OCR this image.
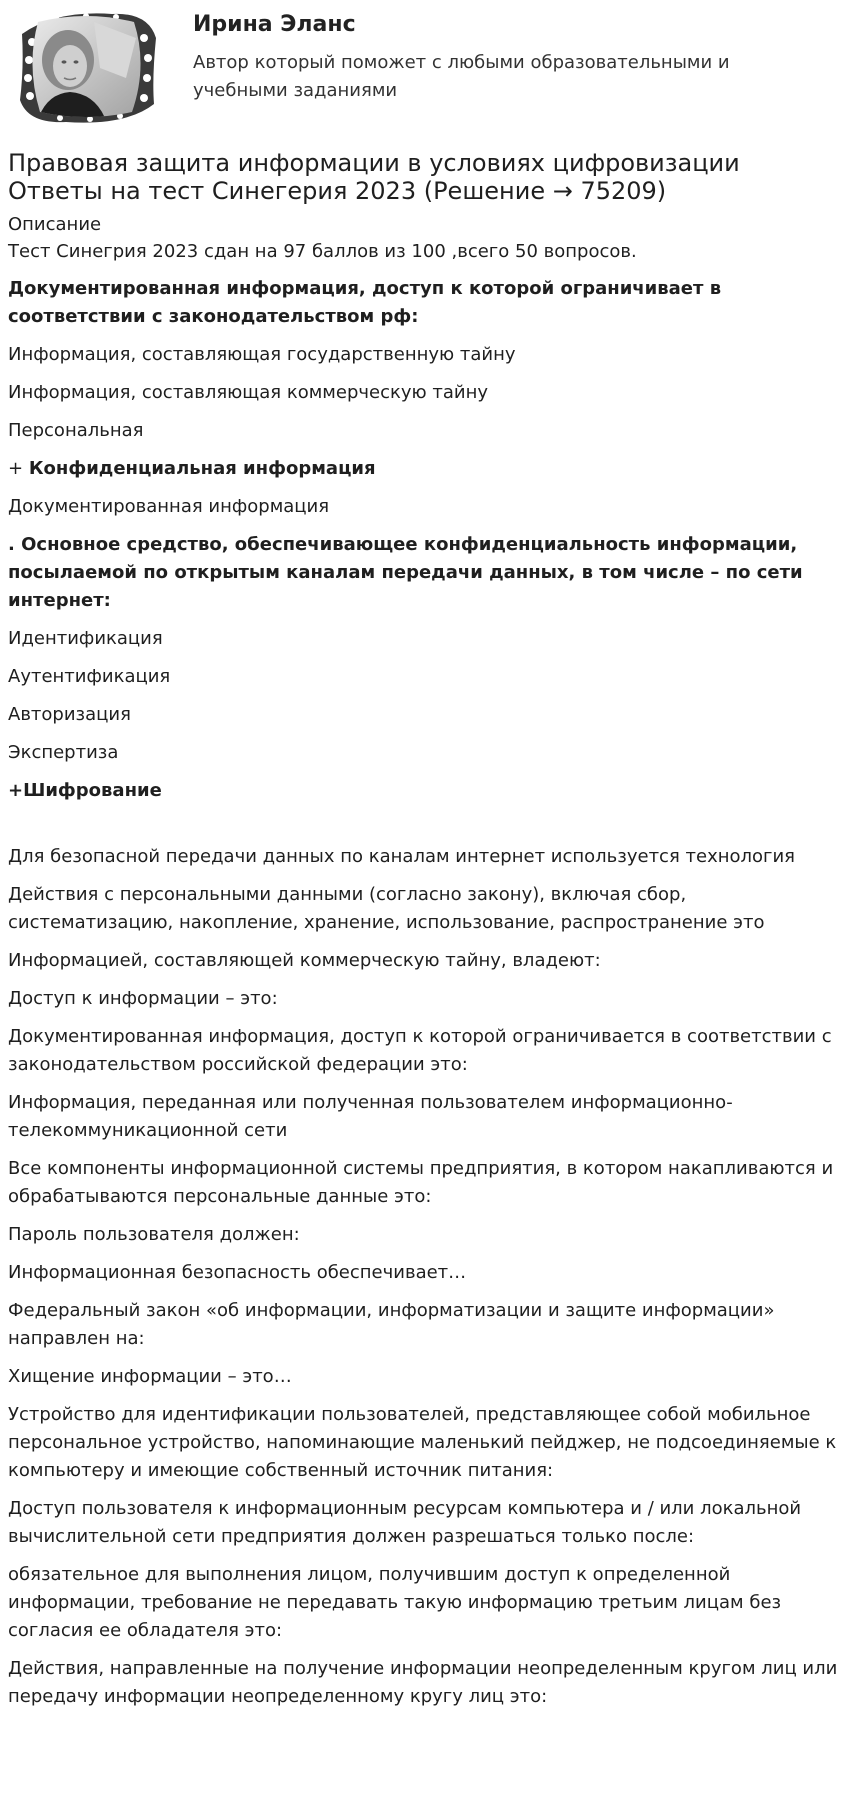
Ирина Эланс
Автор который поможет с любыми образовательными и учебными заданиями
Правовая защита информации в условиях цифровизации
Ответы на тест Синегерия 2023 (Решение → 75209)
Описание
Тест Синегрия 2023 сдан на 97 баллов из 100 ,всего 50 вопросов.

Документированная информация, доступ к которой ограничивает в соответствии с законодательством рф:

Информация, составляющая государственную тайну

Информация, составляющая коммерческую тайну

Персональная

+ Конфиденциальная информация

Документированная информация

. Основное средство, обеспечивающее конфиденциальность информации, посылаемой по открытым каналам передачи данных, в том числе – по сети интернет:

Идентификация

Аутентификация

Авторизация

Экспертиза

+Шифрование

Для безопасной передачи данных по каналам интернет используется технология

Действия с персональными данными (согласно закону), включая сбор, систематизацию, накопление, хранение, использование, распространение это

Информацией, составляющей коммерческую тайну, владеют:

Доступ к информации – это:

Документированная информация, доступ к которой ограничивается в соответствии с законодательством российской федерации это:

Информация, переданная или полученная пользователем информационно-телекоммуникационной сети

Все компоненты информационной системы предприятия, в котором накапливаются и обрабатываются персональные данные это:

Пароль пользователя должен:

Информационная безопасность обеспечивает…

Федеральный закон «об информации, информатизации и защите информации» направлен на:

Хищение информации – это…

Устройство для идентификации пользователей, представляющее собой мобильное персональное устройство, напоминающие маленький пейджер, не подсоединяемые к компьютеру и имеющие собственный источник питания:

Доступ пользователя к информационным ресурсам компьютера и / или локальной вычислительной сети предприятия должен разрешаться только после:

обязательное для выполнения лицом, получившим доступ к определенной информации, требование не передавать такую информацию третьим лицам без согласия ее обладателя это:

Действия, направленные на получение информации неопределенным кругом лиц или передачу информации неопределенному кругу лиц это:
